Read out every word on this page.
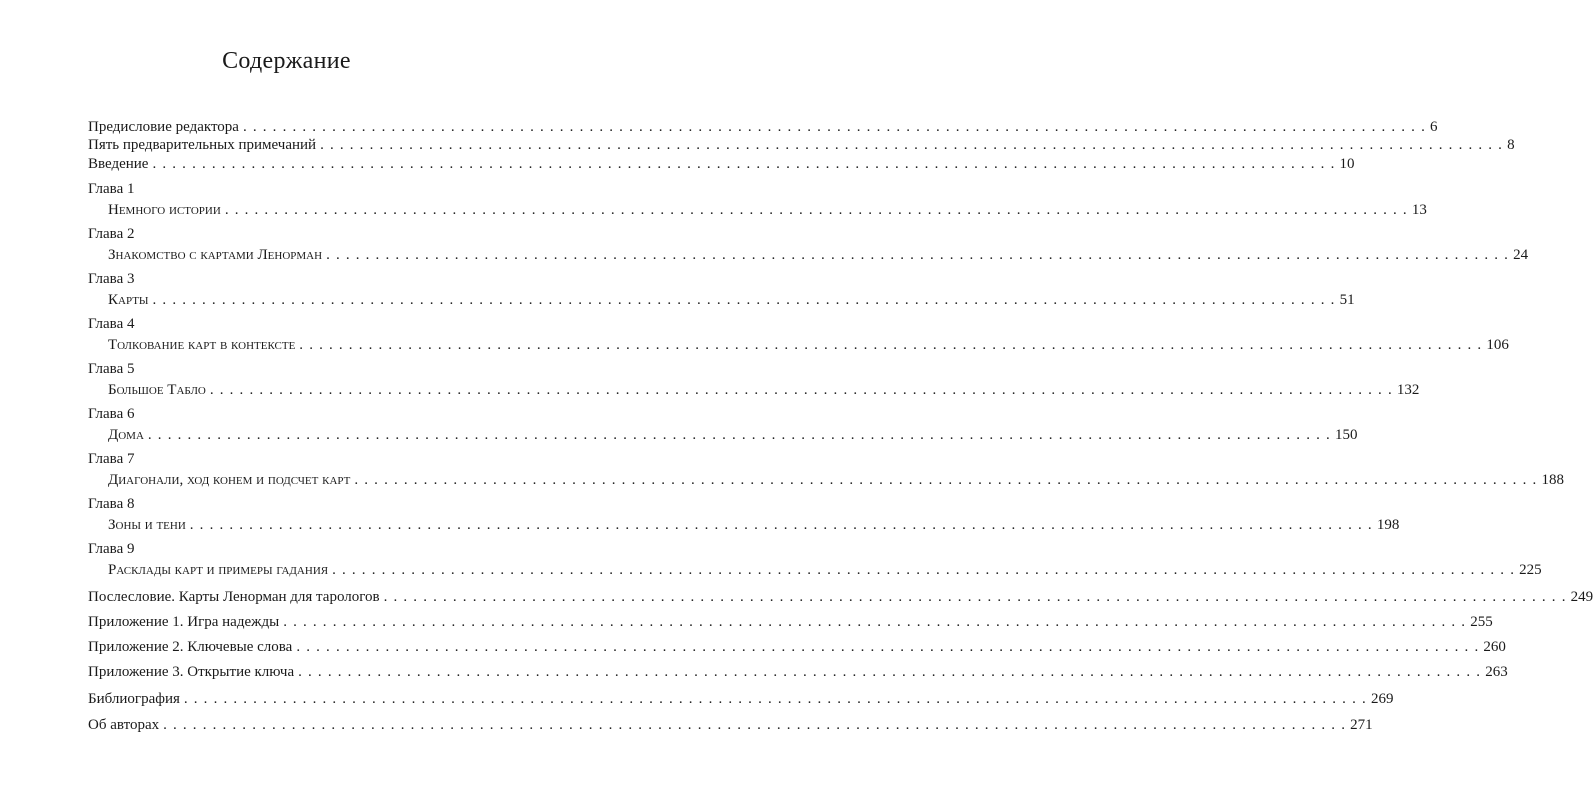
Содержание
Предисловие редактора . . . . . . . . . . . . . . . . . . . . . . . . . . . . . . . . . . . . . . . . . . . . . . . . . . . . . . . . . . . . . . . . . . . . . . . . . . . . . . . . . . . . . . . . . . . . . . . . . . . . . . . . . . . . . . . . . . . . . . . . 6
Пять предварительных примечаний . . . . . . . . . . . . . . . . . . . . . . . . . . . . . . . . . . . . . . . . . . . . . . . . . . . . . . . . . . . . . . . . . . . . . . . . . . . . . . . . . . . . . . . . . . . . . . . . . . . . . . . . . . . . . . . . . . . . . . . . 8
Введение . . . . . . . . . . . . . . . . . . . . . . . . . . . . . . . . . . . . . . . . . . . . . . . . . . . . . . . . . . . . . . . . . . . . . . . . . . . . . . . . . . . . . . . . . . . . . . . . . . . . . . . . . . . . . . . . . . . . . . . . 10
Глава 1
Немного истории . . . . . . . . . . . . . . . . . . . . . . . . . . . . . . . . . . . . . . . . . . . . . . . . . . . . . . . . . . . . . . . . . . . . . . . . . . . . . . . . . . . . . . . . . . . . . . . . . . . . . . . . . . . . . . . . . . . . . . . . 13
Глава 2
Знакомство с картами Ленорман . . . . . . . . . . . . . . . . . . . . . . . . . . . . . . . . . . . . . . . . . . . . . . . . . . . . . . . . . . . . . . . . . . . . . . . . . . . . . . . . . . . . . . . . . . . . . . . . . . . . . . . . . . . . . . . . . . . . . . . . 24
Глава 3
Карты . . . . . . . . . . . . . . . . . . . . . . . . . . . . . . . . . . . . . . . . . . . . . . . . . . . . . . . . . . . . . . . . . . . . . . . . . . . . . . . . . . . . . . . . . . . . . . . . . . . . . . . . . . . . . . . . . . . . . . . . 51
Глава 4
Толкование карт в контексте . . . . . . . . . . . . . . . . . . . . . . . . . . . . . . . . . . . . . . . . . . . . . . . . . . . . . . . . . . . . . . . . . . . . . . . . . . . . . . . . . . . . . . . . . . . . . . . . . . . . . . . . . . . . . . . . . . . . . . . . 106
Глава 5
Большое Табло . . . . . . . . . . . . . . . . . . . . . . . . . . . . . . . . . . . . . . . . . . . . . . . . . . . . . . . . . . . . . . . . . . . . . . . . . . . . . . . . . . . . . . . . . . . . . . . . . . . . . . . . . . . . . . . . . . . . . . . . 132
Глава 6
Дома . . . . . . . . . . . . . . . . . . . . . . . . . . . . . . . . . . . . . . . . . . . . . . . . . . . . . . . . . . . . . . . . . . . . . . . . . . . . . . . . . . . . . . . . . . . . . . . . . . . . . . . . . . . . . . . . . . . . . . . . 150
Глава 7
Диагонали, ход конем и подсчет карт . . . . . . . . . . . . . . . . . . . . . . . . . . . . . . . . . . . . . . . . . . . . . . . . . . . . . . . . . . . . . . . . . . . . . . . . . . . . . . . . . . . . . . . . . . . . . . . . . . . . . . . . . . . . . . . . . . . . . . . . 188
Глава 8
Зоны и тени . . . . . . . . . . . . . . . . . . . . . . . . . . . . . . . . . . . . . . . . . . . . . . . . . . . . . . . . . . . . . . . . . . . . . . . . . . . . . . . . . . . . . . . . . . . . . . . . . . . . . . . . . . . . . . . . . . . . . . . . 198
Глава 9
Расклады карт и примеры гадания . . . . . . . . . . . . . . . . . . . . . . . . . . . . . . . . . . . . . . . . . . . . . . . . . . . . . . . . . . . . . . . . . . . . . . . . . . . . . . . . . . . . . . . . . . . . . . . . . . . . . . . . . . . . . . . . . . . . . . . . 225
Послесловие. Карты Ленорман для тарологов . . . . . . . . . . . . . . . . . . . . . . . . . . . . . . . . . . . . . . . . . . . . . . . . . . . . . . . . . . . . . . . . . . . . . . . . . . . . . . . . . . . . . . . . . . . . . . . . . . . . . . . . . . . . . . . . . . . . . . . . 249
Приложение 1. Игра надежды . . . . . . . . . . . . . . . . . . . . . . . . . . . . . . . . . . . . . . . . . . . . . . . . . . . . . . . . . . . . . . . . . . . . . . . . . . . . . . . . . . . . . . . . . . . . . . . . . . . . . . . . . . . . . . . . . . . . . . . . 255
Приложение 2. Ключевые слова . . . . . . . . . . . . . . . . . . . . . . . . . . . . . . . . . . . . . . . . . . . . . . . . . . . . . . . . . . . . . . . . . . . . . . . . . . . . . . . . . . . . . . . . . . . . . . . . . . . . . . . . . . . . . . . . . . . . . . . . 260
Приложение 3. Открытие ключа . . . . . . . . . . . . . . . . . . . . . . . . . . . . . . . . . . . . . . . . . . . . . . . . . . . . . . . . . . . . . . . . . . . . . . . . . . . . . . . . . . . . . . . . . . . . . . . . . . . . . . . . . . . . . . . . . . . . . . . . 263
Библиография . . . . . . . . . . . . . . . . . . . . . . . . . . . . . . . . . . . . . . . . . . . . . . . . . . . . . . . . . . . . . . . . . . . . . . . . . . . . . . . . . . . . . . . . . . . . . . . . . . . . . . . . . . . . . . . . . . . . . . . . 269
Об авторах . . . . . . . . . . . . . . . . . . . . . . . . . . . . . . . . . . . . . . . . . . . . . . . . . . . . . . . . . . . . . . . . . . . . . . . . . . . . . . . . . . . . . . . . . . . . . . . . . . . . . . . . . . . . . . . . . . . . . . . . 271
